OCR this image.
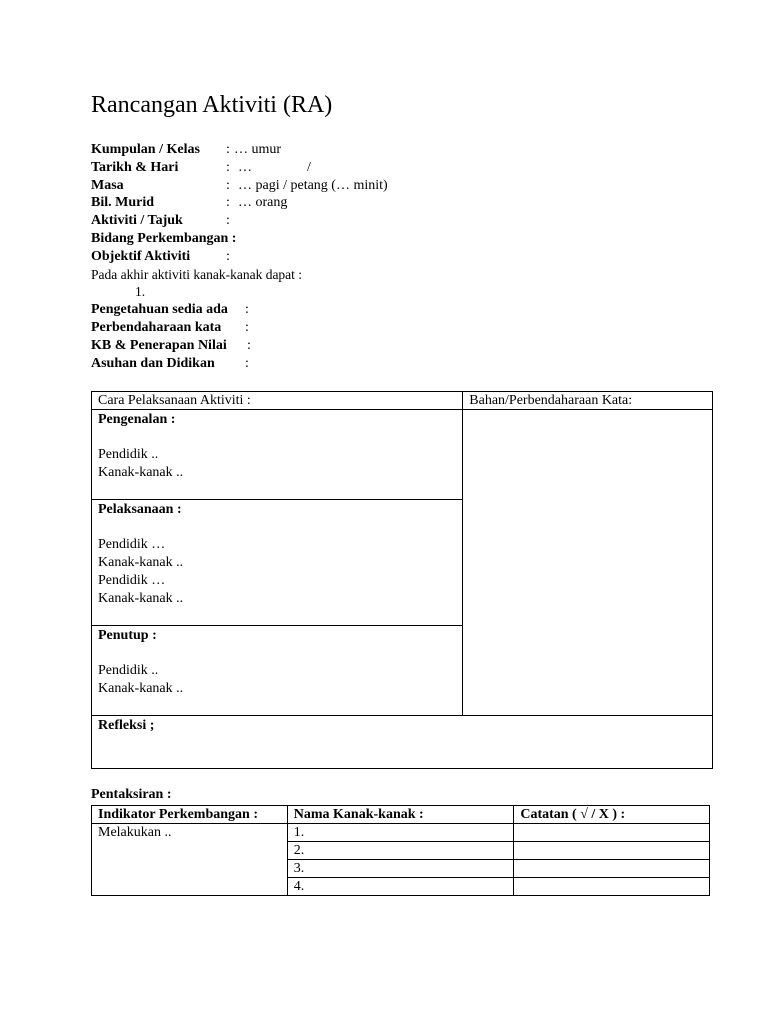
Rancangan Aktiviti (RA)
Kumpulan / Kelas : … umur
Tarikh & Hari	: …	/
Masa	: … pagi / petang (… minit)
Bil. Murid	: … orang
Aktiviti / Tajuk	:
Bidang Perkembangan :
Objektif Aktiviti	:
Pada akhir aktiviti kanak-kanak dapat :
1.
Pengetahuan sedia ada :
Perbendaharaan kata :
KB & Penerapan Nilai :
Asuhan dan Didikan :
Cara Pelaksanaan Aktiviti :	Bahan/Perbendaharaan Kata:

Pengenalan :
Pendidik ..
Kanak-kanak ..	

Pelaksanaan :
Pendidik …
Kanak-kanak ..
Pendidik …
Kanak-kanak ..	

Penutup :
Pendidik ..
Kanak-kanak ..	

Refleksi ;	
Pentaksiran :
Indikator Perkembangan :	Nama Kanak-kanak :	Catatan ( √ / X ) :
Melakukan ..	1.	
	2.	
	3.	
	4.	
